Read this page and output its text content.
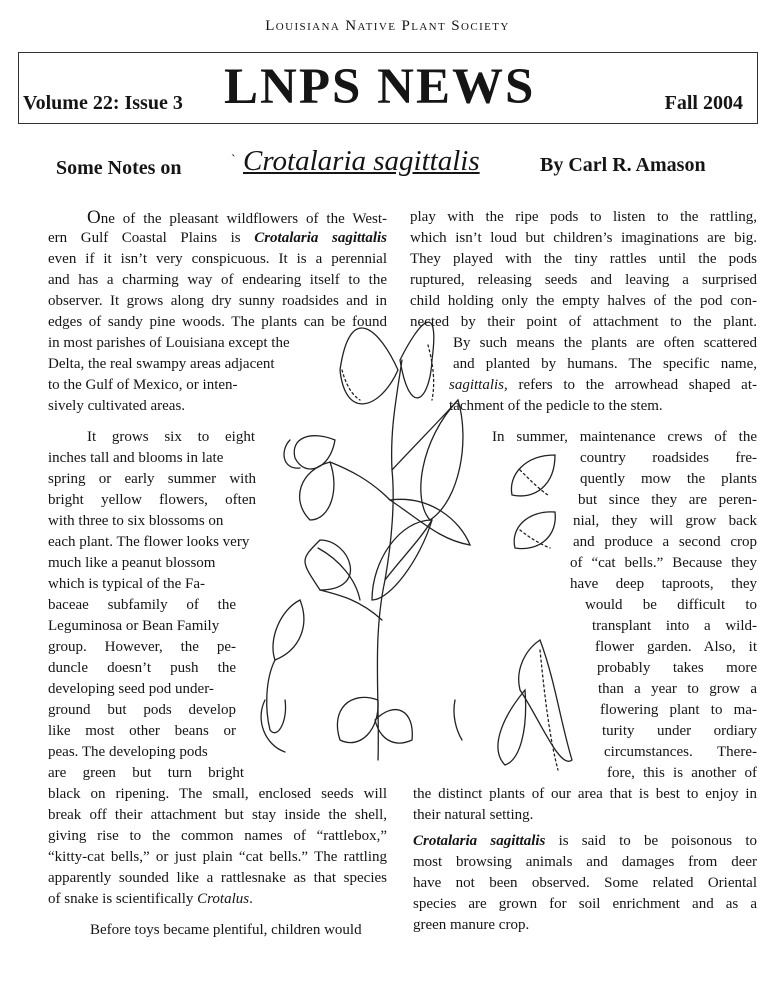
Louisiana Native Plant Society
Volume 22: Issue 3 LNPS NEWS	Fall 2004
Some Notes on	ˋ Crotalaria sagittalis	By Carl R. Amason
One of the pleasant wildflowers of the West-
ern Gulf Coastal Plains is Crotalaria sagittalis
even if it isn’t very conspicuous. It is a perennial
and has a charming way of endearing itself to the
observer. It grows along dry sunny roadsides and in
edges of sandy pine woods. The plants can be found
in most parishes of Louisiana except the
Delta, the real swampy areas adjacent
to the Gulf of Mexico, or inten-
sively cultivated areas.
It grows six to eight
inches tall and blooms in late
spring or early summer with
bright yellow flowers, often
with three to six blossoms on
each plant. The flower looks very
much like a peanut blossom
which is typical of the Fa-
baceae subfamily of the
Leguminosa or Bean Family
group. However, the pe-
duncle doesn’t push the
developing seed pod under-
ground but pods develop
like most other beans or
peas. The developing pods
are green but turn bright
black on ripening. The small, enclosed seeds will
break off their attachment but stay inside the shell,
giving rise to the common names of “rattlebox,”
“kitty-cat bells,” or just plain “cat bells.” The rattling
apparently sounded like a rattlesnake as that species
of snake is scientifically Crotalus.
Before toys became plentiful, children would
play with the ripe pods to listen to the rattling,
which isn’t loud but children’s imaginations are big.
They played with the tiny rattles until the pods
ruptured, releasing seeds and leaving a surprised
child holding only the empty halves of the pod con-
nected by their point of attachment to the plant.
By such means the plants are often scattered
and planted by humans. The specific name,
sagittalis, refers to the arrowhead shaped at-
tachment of the pedicle to the stem.
In summer, maintenance crews of the
country roadsides fre-
quently mow the plants
but since they are peren-
nial, they will grow back
and produce a second crop
of “cat bells.” Because they
have deep taproots, they
would be difficult to
transplant into a wild-
flower garden. Also, it
probably takes more
than a year to grow a
flowering plant to ma-
turity under ordiary
circumstances. There-
fore, this is another of
the distinct plants of our area that is best to enjoy in
their natural setting.
Crotalaria sagittalis is said to be poisonous to
most browsing animals and damages from deer
have not been observed. Some related Oriental
species are grown for soil enrichment and as a
green manure crop.
